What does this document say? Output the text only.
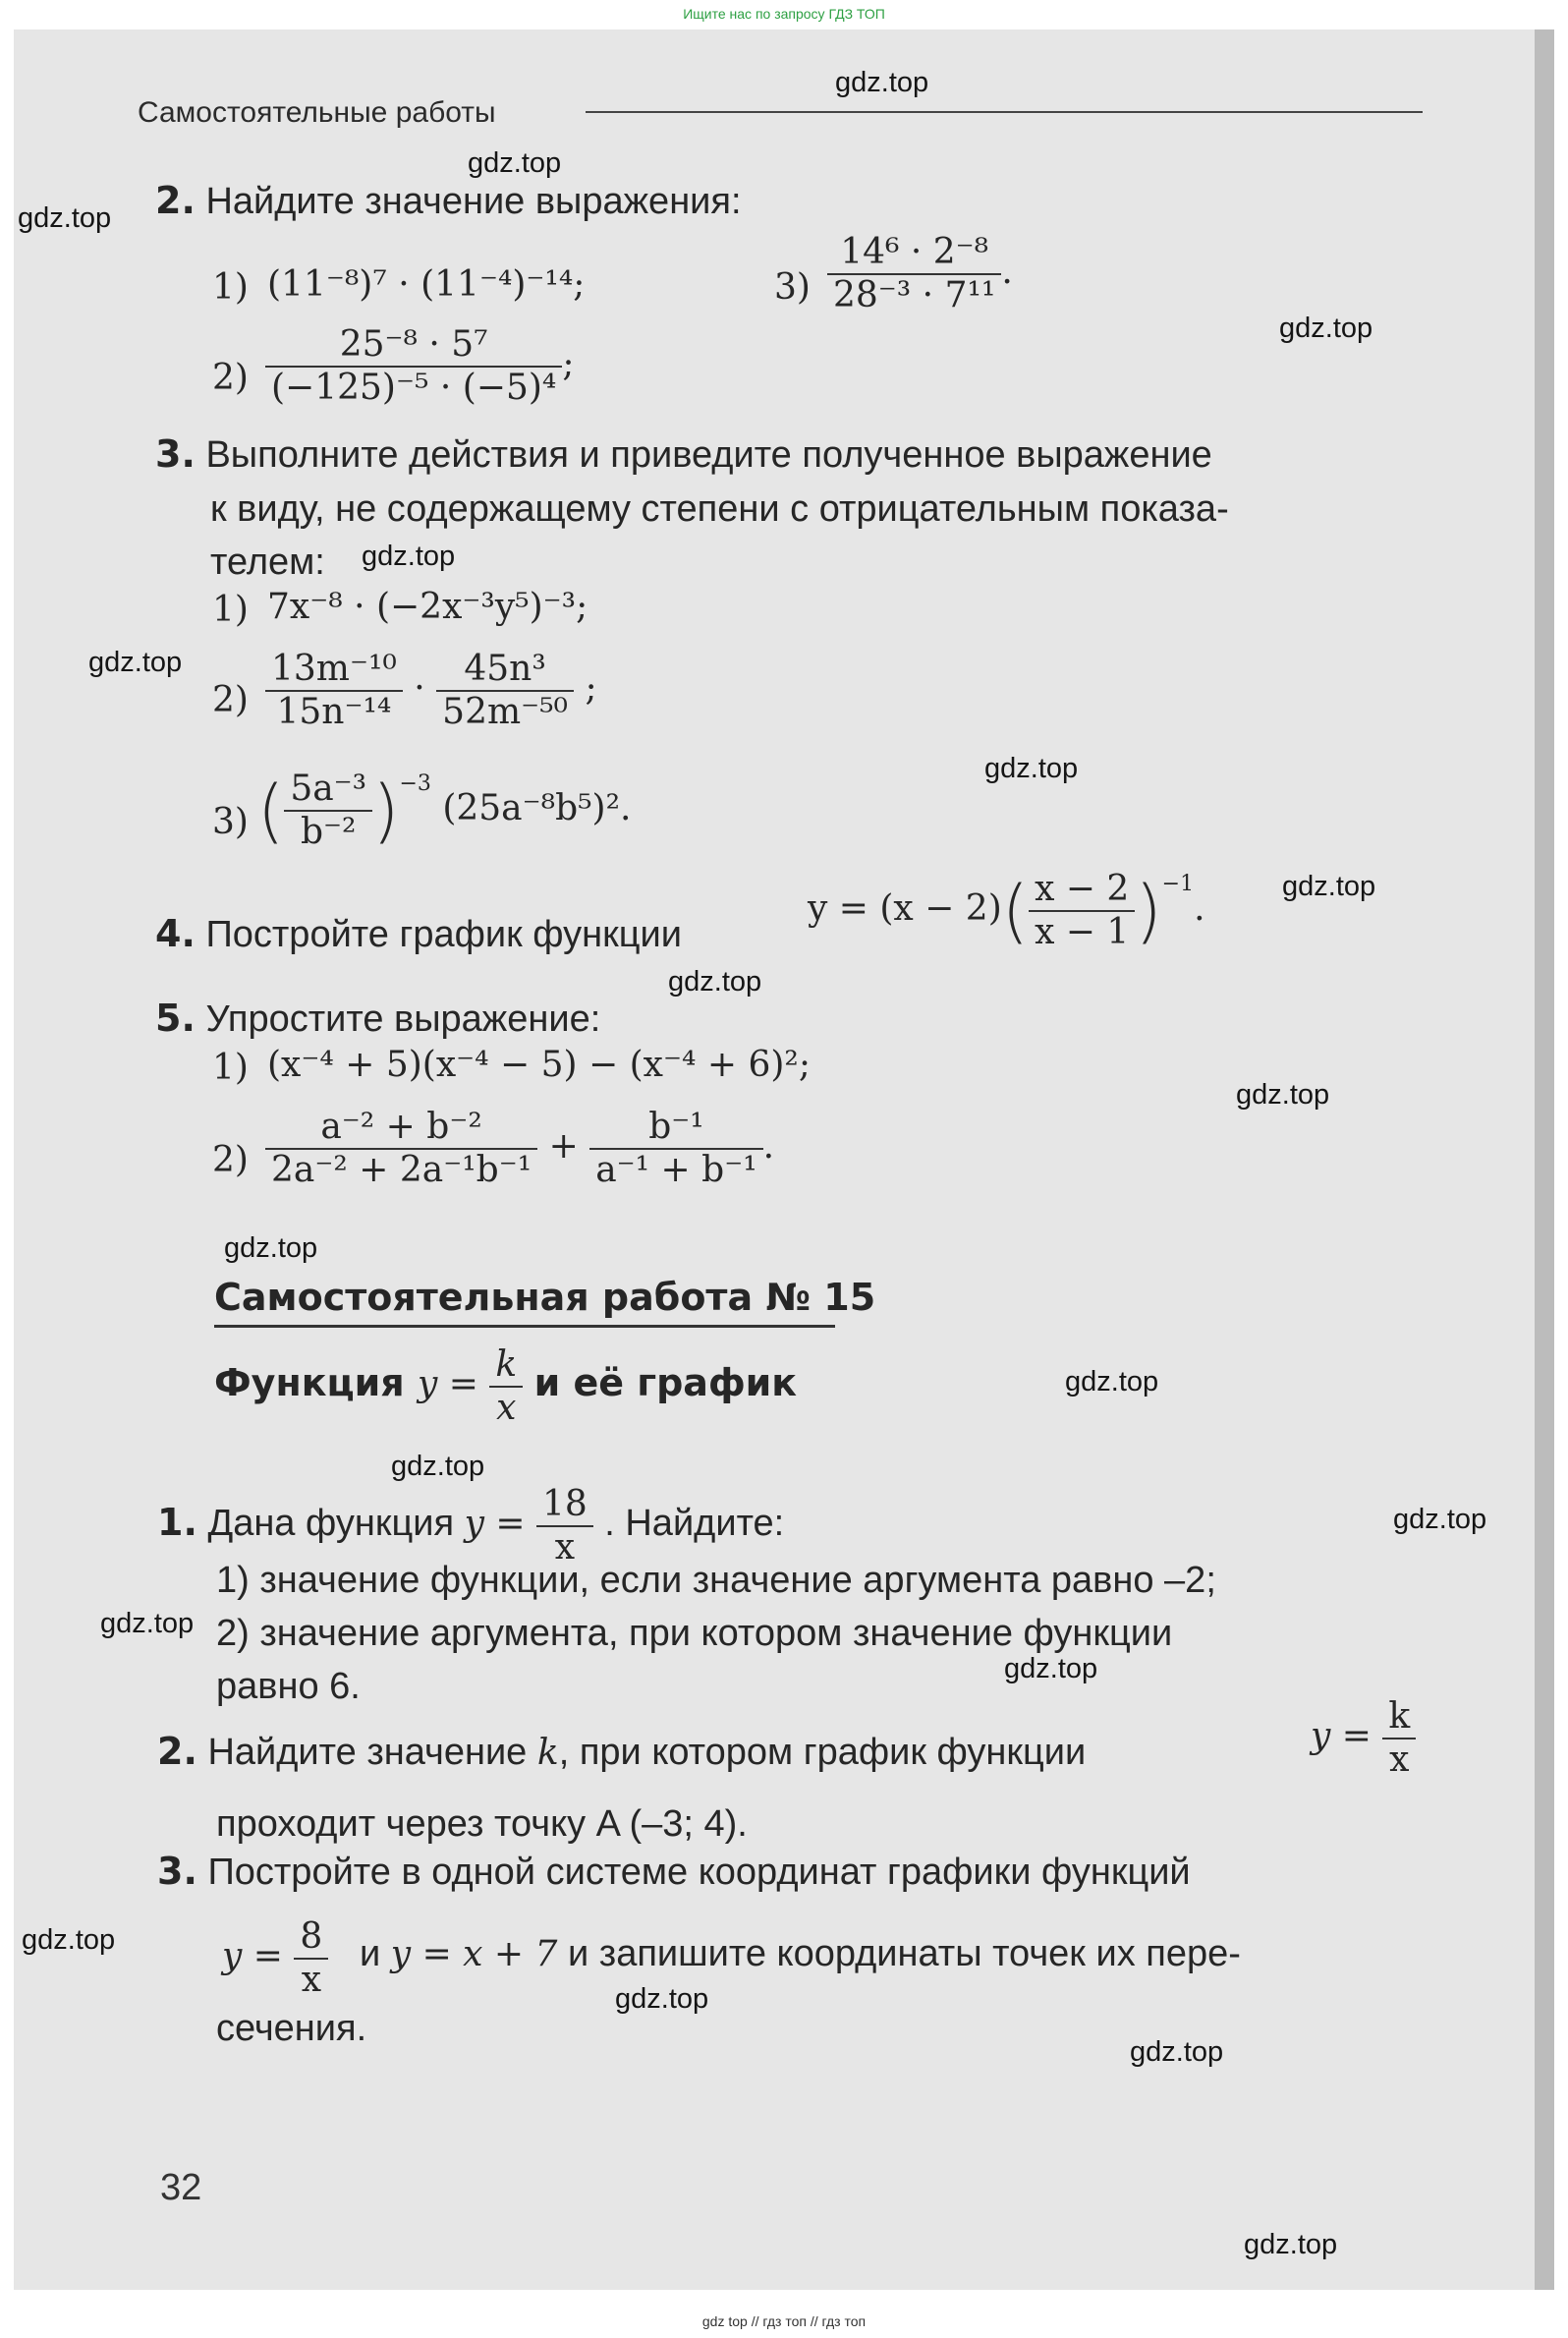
Ищите нас по запросу ГДЗ ТОП
Самостоятельные работы
gdz.top
gdz.top
gdz.top
gdz.top
gdz.top
gdz.top
gdz.top
gdz.top
gdz.top
gdz.top
gdz.top
gdz.top
gdz.top
gdz.top
gdz.top
gdz.top
gdz.top
gdz.top
gdz.top
gdz.top
2. Найдите значение выражения:
1) (11⁻⁸)⁷ · (11⁻⁴)⁻¹⁴;	$3) \frac{\text{14⁶ · 2⁻⁸}}{\text{28⁻³ · 7¹¹}}$ .
$2) \frac{\text{25⁻⁸ · 5⁷}}{\text{(−125)⁻⁵ · (−5)⁴}}$ ;
3. Выполните действия и приведите полученное выражение
к виду, не содержащему степени с отрицательным показа-
телем:
1) 7x⁻⁸ · (−2x⁻³y⁵)⁻³;
$2) \frac{\text{13m⁻¹⁰}}{\text{15n⁻¹⁴}} \cdot \frac{\text{45n³}}{\text{52m⁻⁵⁰}}$ ;
3) ( $\frac{\text{5a⁻³}}{\text{b⁻²}} )^{-3}$ (25a⁻⁸b⁵)².
4. Постройте график функции
$y = (x - 2)( \frac{x - 2}{x - 1} )^{-1}$.
5. Упростите выражение:
1) (x⁻⁴ + 5)(x⁻⁴ − 5) − (x⁻⁴ + 6)²;
$2) \frac{\text{a⁻² + b⁻²}}{\text{2a⁻² + 2a⁻¹b⁻¹}} + \frac{\text{b⁻¹}}{\text{a⁻¹ + b⁻¹}}$ .
Самостоятельная работа № 15
Функция $y = \frac{k}{x}$ и её график
1. Дана функция $y = \frac{18}{x}$ . Найдите:
1) значение функции, если значение аргумента равно –2;
2) значение аргумента, при котором значение функции
равно 6.
2. Найдите значение k, при котором график функции	$y = \frac{k}{x}$
проходит через точку A (–3; 4).
3. Постройте в одной системе координат графики функций
$y = \frac{8}{x}$ и y = x + 7 и запишите координаты точек их пере-
сечения.
32
gdz top // гдз топ // гдз топ
